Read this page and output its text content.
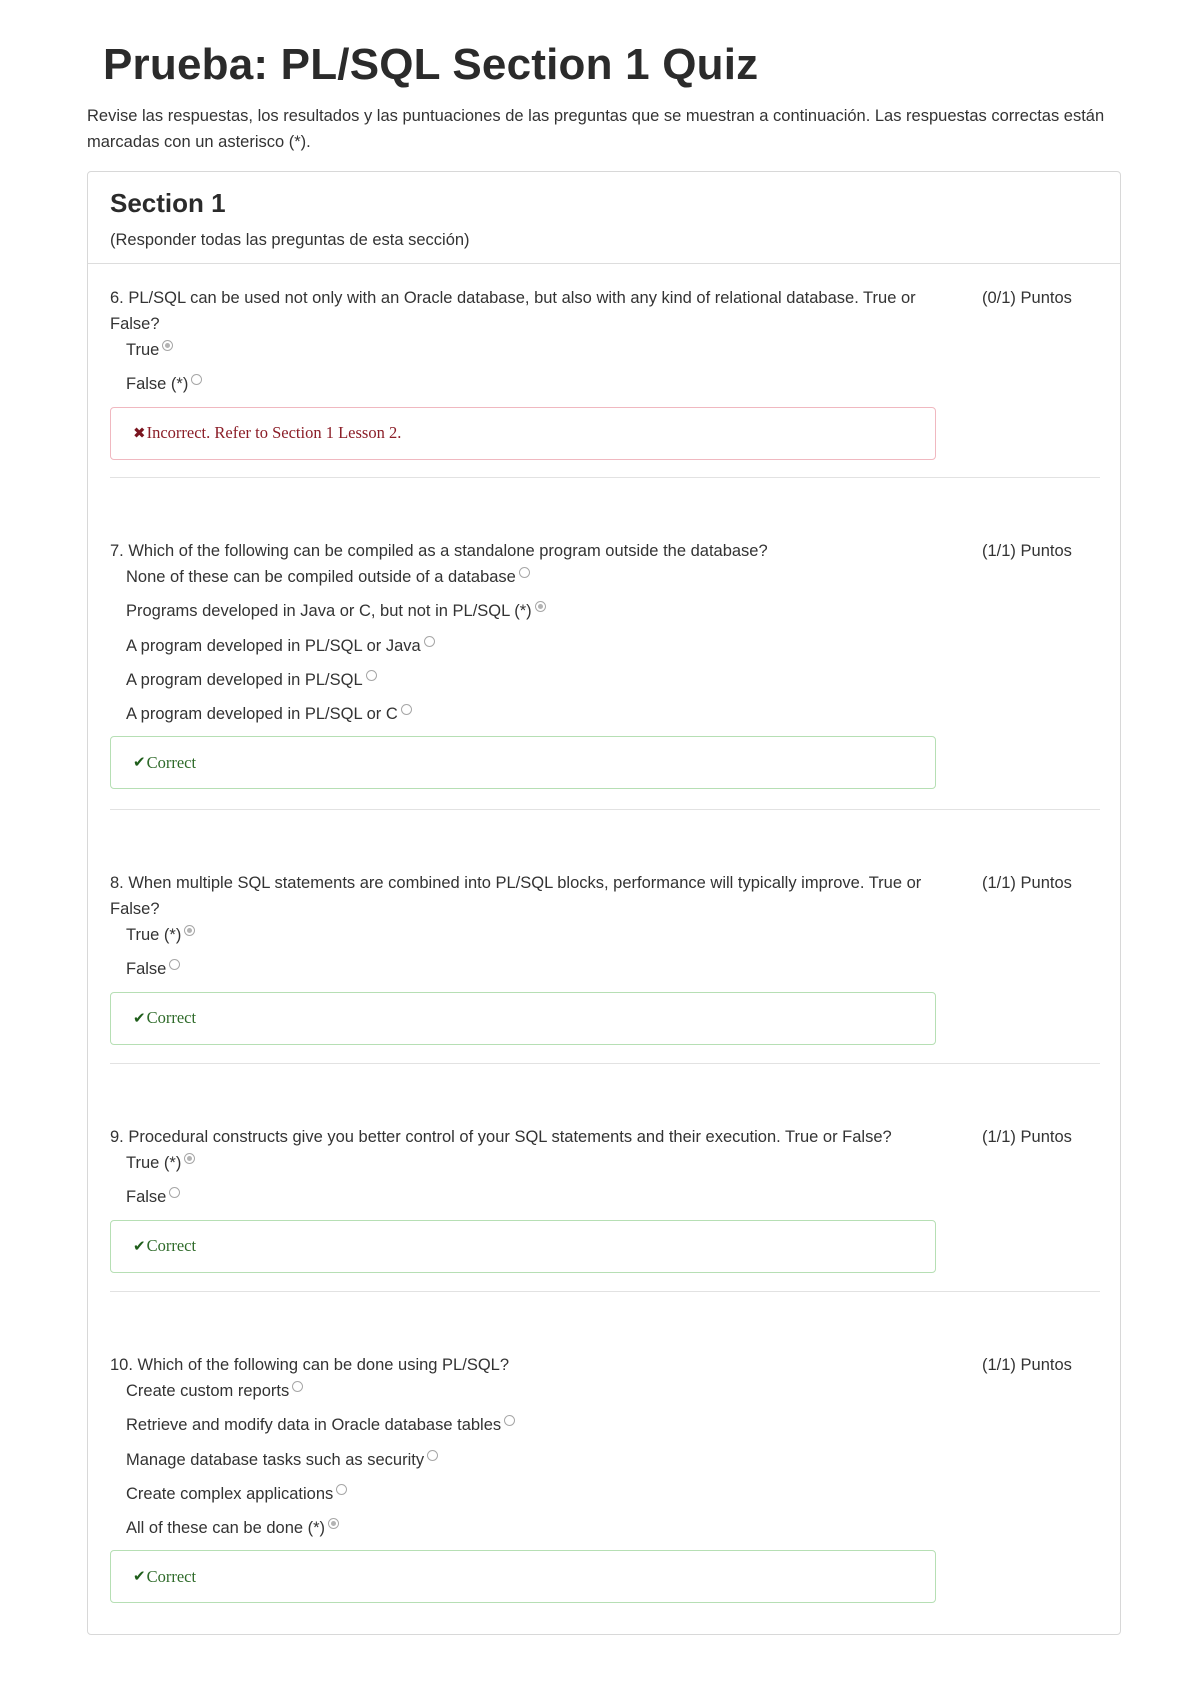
Prueba: PL/SQL Section 1 Quiz

Revise las respuestas, los resultados y las puntuaciones de las preguntas que se muestran a continuación. Las respuestas correctas están marcadas con un asterisco (*).

Section 1
(Responder todas las preguntas de esta sección)
6. PL/SQL can be used not only with an Oracle database, but also with any kind of relational database. True or False?
(0/1) Puntos
True
False (*)
✖ Incorrect. Refer to Section 1 Lesson 2.
7. Which of the following can be compiled as a standalone program outside the database?	(1/1) Puntos
None of these can be compiled outside of a database
Programs developed in Java or C, but not in PL/SQL (*)
A program developed in PL/SQL or Java
A program developed in PL/SQL
A program developed in PL/SQL or C
✔ Correct
8. When multiple SQL statements are combined into PL/SQL blocks, performance will typically improve. True or False?
(1/1) Puntos
True (*)
False
✔ Correct
9. Procedural constructs give you better control of your SQL statements and their execution. True or False?	(1/1) Puntos
True (*)
False
✔ Correct
10. Which of the following can be done using PL/SQL?	(1/1) Puntos
Create custom reports
Retrieve and modify data in Oracle database tables
Manage database tasks such as security
Create complex applications
All of these can be done (*)
✔ Correct
